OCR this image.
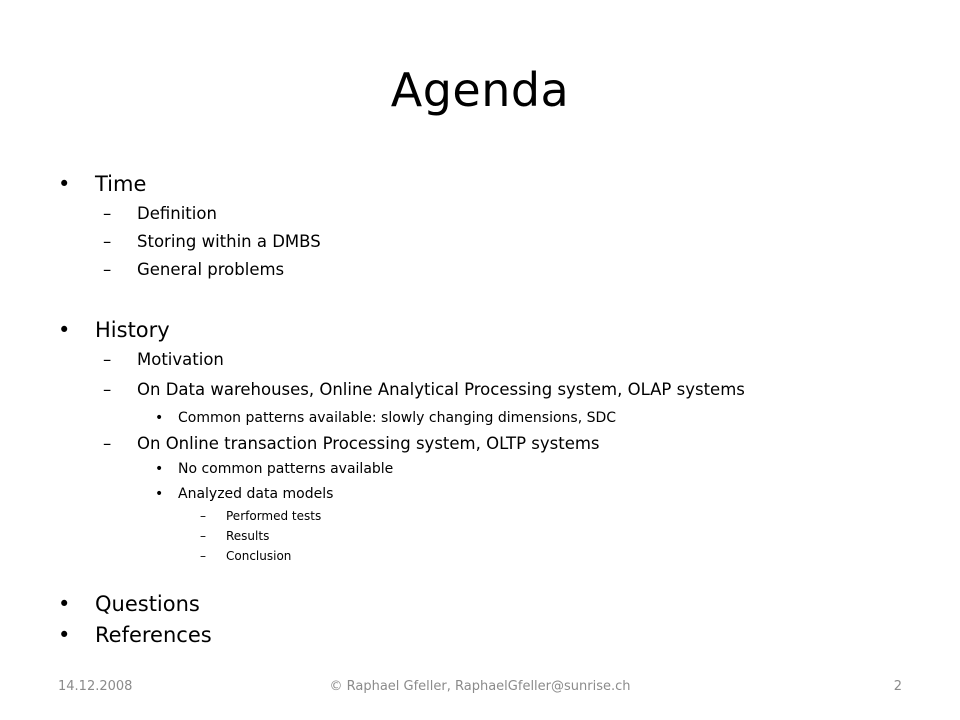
Agenda
• Time
– Definition
– Storing within a DMBS
– General problems
• History
– Motivation
– On Data warehouses, Online Analytical Processing system, OLAP systems
• Common patterns available: slowly changing dimensions, SDC
– On Online transaction Processing system, OLTP systems
• No common patterns available
• Analyzed data models
– Performed tests
– Results
– Conclusion
• Questions
• References
14.12.2008	© Raphael Gfeller, RaphaelGfeller@sunrise.ch	2
